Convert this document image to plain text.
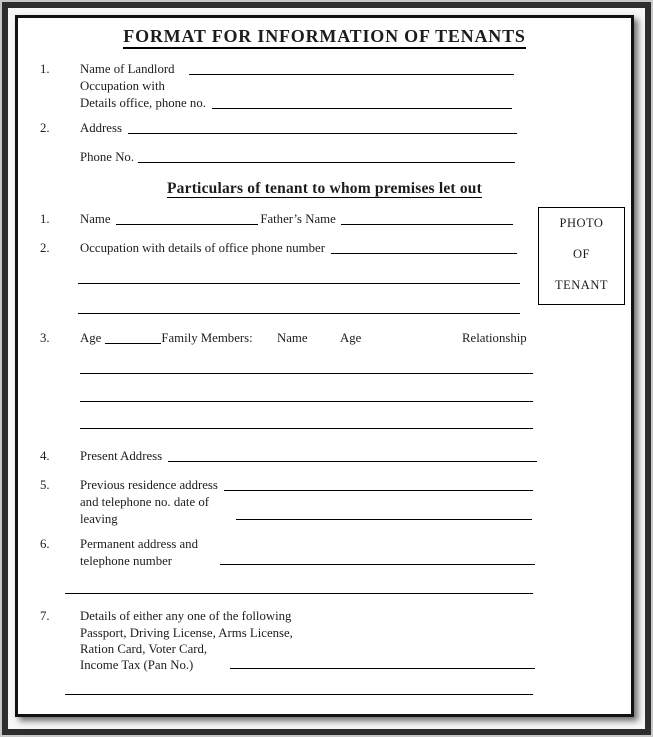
FORMAT FOR INFORMATION OF TENANTS
1.	Name of Landlord
Occupation with
Details office, phone no.
2.	Address
Phone No.
Particulars of tenant to whom premises let out
PHOTO
OF
TENANT
1.	Name	Father’s Name
2.	Occupation with details of office phone number
3.	Age	Family Members: Name	Age	Relationship
4.	Present Address
5.	Previous residence address
and telephone no. date of
leaving
6.	Permanent address and
telephone number
7.	Details of either any one of the following
Passport, Driving License, Arms License,
Ration Card, Voter Card,
Income Tax (Pan No.)
